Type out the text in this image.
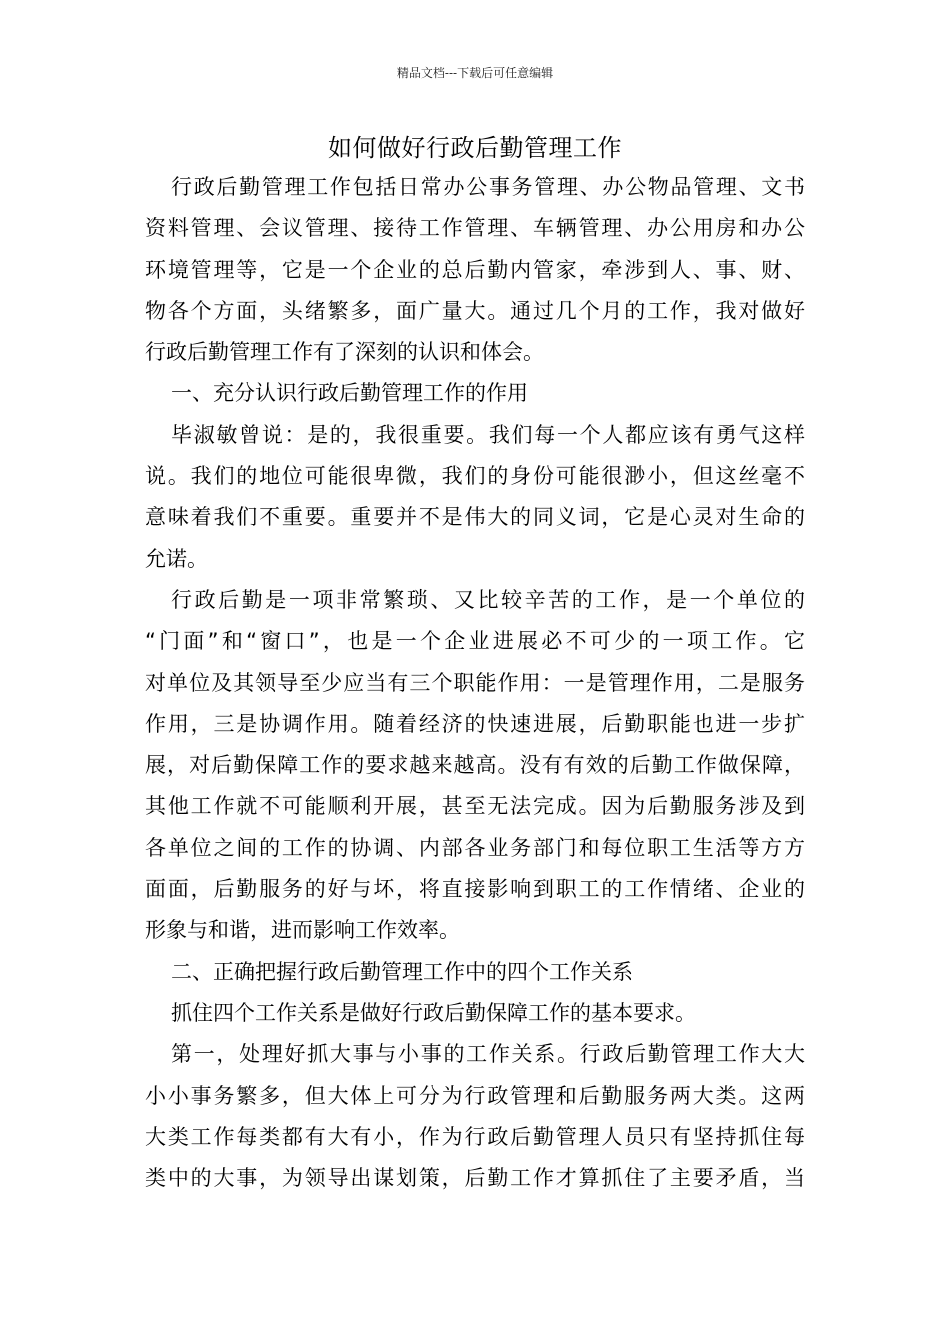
精品文档---下载后可任意编辑
如何做好行政后勤管理工作
行政后勤管理工作包括日常办公事务管理、办公物品管理、文书
资料管理、会议管理、接待工作管理、车辆管理、办公用房和办公
环境管理等，它是一个企业的总后勤内管家，牵涉到人、事、财、
物各个方面，头绪繁多，面广量大。通过几个月的工作，我对做好
行政后勤管理工作有了深刻的认识和体会。
一、充分认识行政后勤管理工作的作用
毕淑敏曾说：是的，我很重要。我们每一个人都应该有勇气这样
说。我们的地位可能很卑微，我们的身份可能很渺小，但这丝毫不
意味着我们不重要。重要并不是伟大的同义词，它是心灵对生命的
允诺。
行政后勤是一项非常繁琐、又比较辛苦的工作，是一个单位的
“门面”和“窗口”，也是一个企业进展必不可少的一项工作。它
对单位及其领导至少应当有三个职能作用：一是管理作用，二是服务
作用，三是协调作用。随着经济的快速进展，后勤职能也进一步扩
展，对后勤保障工作的要求越来越高。没有有效的后勤工作做保障，
其他工作就不可能顺利开展，甚至无法完成。因为后勤服务涉及到
各单位之间的工作的协调、内部各业务部门和每位职工生活等方方
面面，后勤服务的好与坏，将直接影响到职工的工作情绪、企业的
形象与和谐，进而影响工作效率。
二、正确把握行政后勤管理工作中的四个工作关系
抓住四个工作关系是做好行政后勤保障工作的基本要求。
第一，处理好抓大事与小事的工作关系。行政后勤管理工作大大
小小事务繁多，但大体上可分为行政管理和后勤服务两大类。这两
大类工作每类都有大有小，作为行政后勤管理人员只有坚持抓住每
类中的大事，为领导出谋划策，后勤工作才算抓住了主要矛盾，当
